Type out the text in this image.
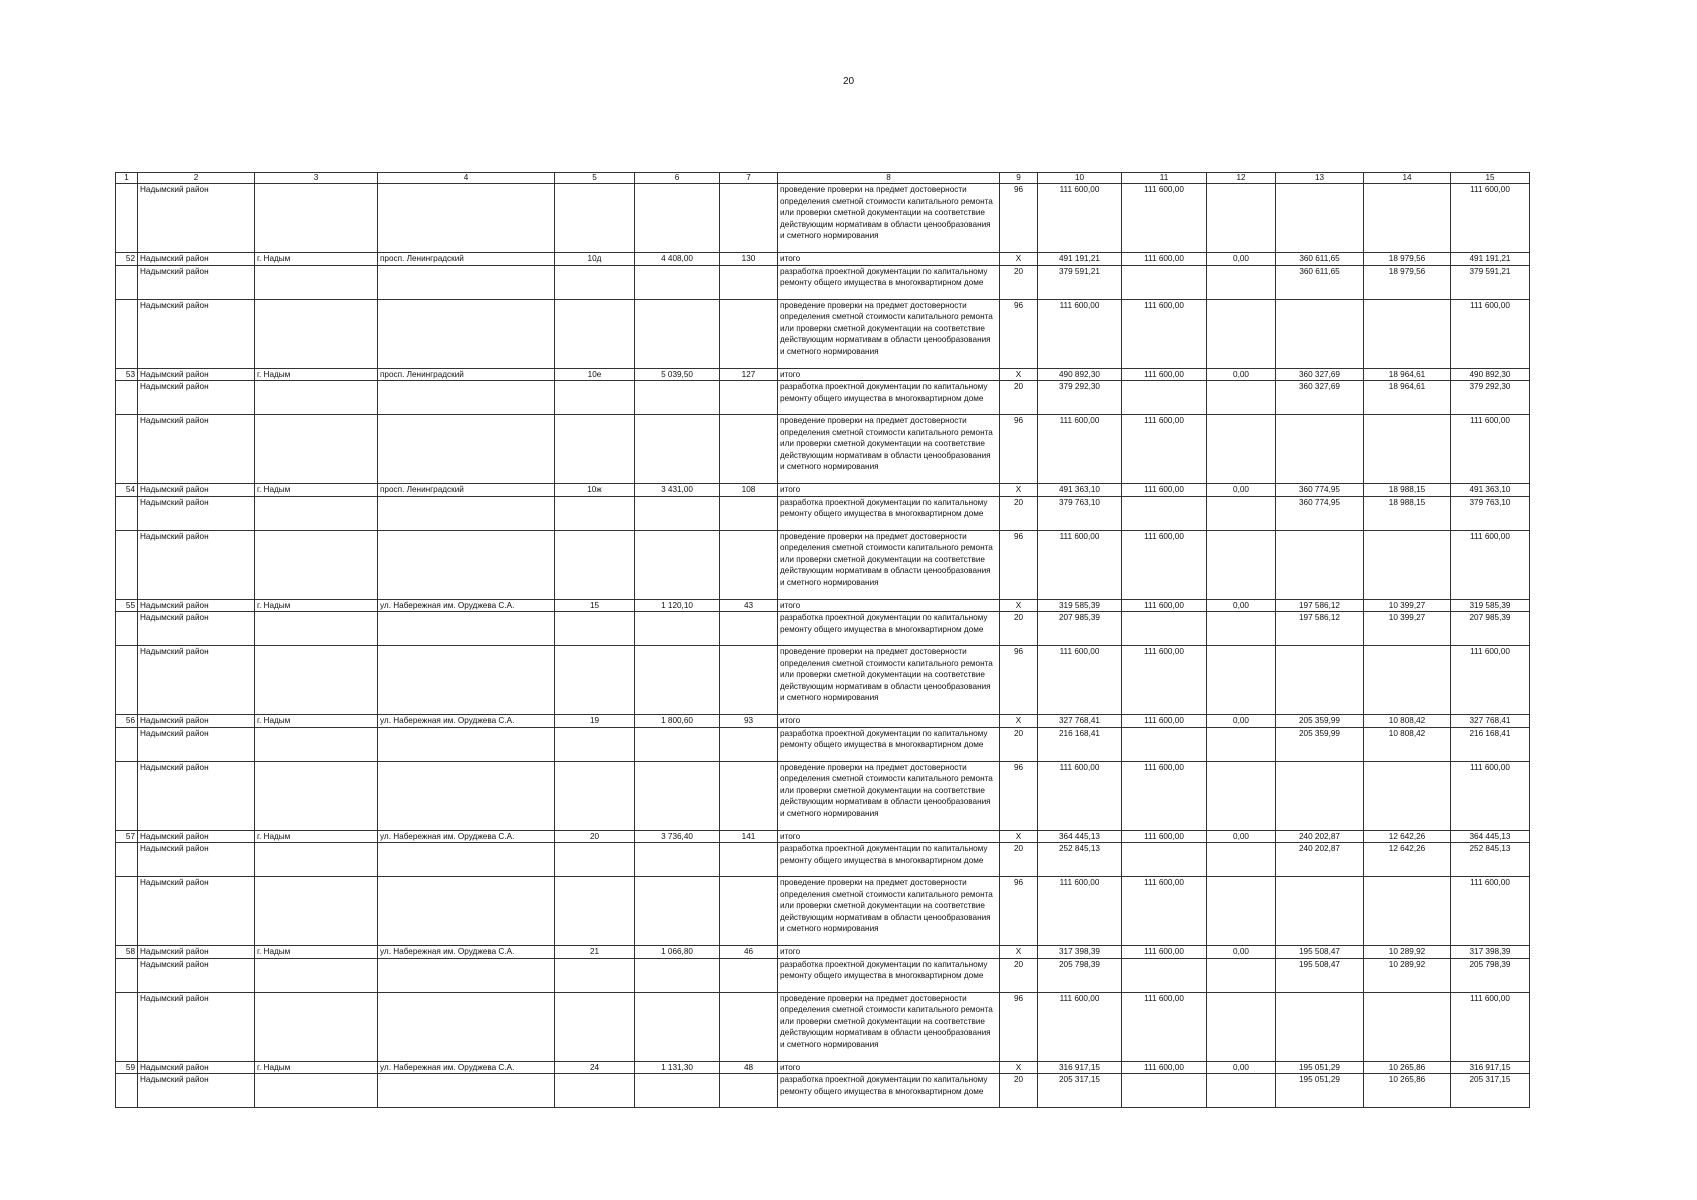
20
1	2	3	4	5	6	7	8	9	10	11	12	13	14	15
	Надымский район						проведение проверки на предмет достоверности определения сметной стоимости капитального ремонта или проверки сметной документации на соответствие действующим нормативам в области ценообразования и сметного нормирования	96	111 600,00	111 600,00				111 600,00
52	Надымский район	г. Надым	просп. Ленинградский	10д	4 408,00	130	итого	Х	491 191,21	111 600,00	0,00	360 611,65	18 979,56	491 191,21
	Надымский район						разработка проектной документации по капитальному ремонту общего имущества в многоквартирном доме	20	379 591,21			360 611,65	18 979,56	379 591,21
	Надымский район						проведение проверки на предмет достоверности определения сметной стоимости капитального ремонта или проверки сметной документации на соответствие действующим нормативам в области ценообразования и сметного нормирования	96	111 600,00	111 600,00				111 600,00
53	Надымский район	г. Надым	просп. Ленинградский	10е	5 039,50	127	итого	Х	490 892,30	111 600,00	0,00	360 327,69	18 964,61	490 892,30
	Надымский район						разработка проектной документации по капитальному ремонту общего имущества в многоквартирном доме	20	379 292,30			360 327,69	18 964,61	379 292,30
	Надымский район						проведение проверки на предмет достоверности определения сметной стоимости капитального ремонта или проверки сметной документации на соответствие действующим нормативам в области ценообразования и сметного нормирования	96	111 600,00	111 600,00				111 600,00
54	Надымский район	г. Надым	просп. Ленинградский	10ж	3 431,00	108	итого	Х	491 363,10	111 600,00	0,00	360 774,95	18 988,15	491 363,10
	Надымский район						разработка проектной документации по капитальному ремонту общего имущества в многоквартирном доме	20	379 763,10			360 774,95	18 988,15	379 763,10
	Надымский район						проведение проверки на предмет достоверности определения сметной стоимости капитального ремонта или проверки сметной документации на соответствие действующим нормативам в области ценообразования и сметного нормирования	96	111 600,00	111 600,00				111 600,00
55	Надымский район	г. Надым	ул. Набережная им. Оруджева С.А.	15	1 120,10	43	итого	Х	319 585,39	111 600,00	0,00	197 586,12	10 399,27	319 585,39
	Надымский район						разработка проектной документации по капитальному ремонту общего имущества в многоквартирном доме	20	207 985,39			197 586,12	10 399,27	207 985,39
	Надымский район						проведение проверки на предмет достоверности определения сметной стоимости капитального ремонта или проверки сметной документации на соответствие действующим нормативам в области ценообразования и сметного нормирования	96	111 600,00	111 600,00				111 600,00
56	Надымский район	г. Надым	ул. Набережная им. Оруджева С.А.	19	1 800,60	93	итого	Х	327 768,41	111 600,00	0,00	205 359,99	10 808,42	327 768,41
	Надымский район						разработка проектной документации по капитальному ремонту общего имущества в многоквартирном доме	20	216 168,41			205 359,99	10 808,42	216 168,41
	Надымский район						проведение проверки на предмет достоверности определения сметной стоимости капитального ремонта или проверки сметной документации на соответствие действующим нормативам в области ценообразования и сметного нормирования	96	111 600,00	111 600,00				111 600,00
57	Надымский район	г. Надым	ул. Набережная им. Оруджева С.А.	20	3 736,40	141	итого	Х	364 445,13	111 600,00	0,00	240 202,87	12 642,26	364 445,13
	Надымский район						разработка проектной документации по капитальному ремонту общего имущества в многоквартирном доме	20	252 845,13			240 202,87	12 642,26	252 845,13
	Надымский район						проведение проверки на предмет достоверности определения сметной стоимости капитального ремонта или проверки сметной документации на соответствие действующим нормативам в области ценообразования и сметного нормирования	96	111 600,00	111 600,00				111 600,00
58	Надымский район	г. Надым	ул. Набережная им. Оруджева С.А.	21	1 066,80	46	итого	Х	317 398,39	111 600,00	0,00	195 508,47	10 289,92	317 398,39
	Надымский район						разработка проектной документации по капитальному ремонту общего имущества в многоквартирном доме	20	205 798,39			195 508,47	10 289,92	205 798,39
	Надымский район						проведение проверки на предмет достоверности определения сметной стоимости капитального ремонта или проверки сметной документации на соответствие действующим нормативам в области ценообразования и сметного нормирования	96	111 600,00	111 600,00				111 600,00
59	Надымский район	г. Надым	ул. Набережная им. Оруджева С.А.	24	1 131,30	48	итого	Х	316 917,15	111 600,00	0,00	195 051,29	10 265,86	316 917,15
	Надымский район						разработка проектной документации по капитальному ремонту общего имущества в многоквартирном доме	20	205 317,15			195 051,29	10 265,86	205 317,15
